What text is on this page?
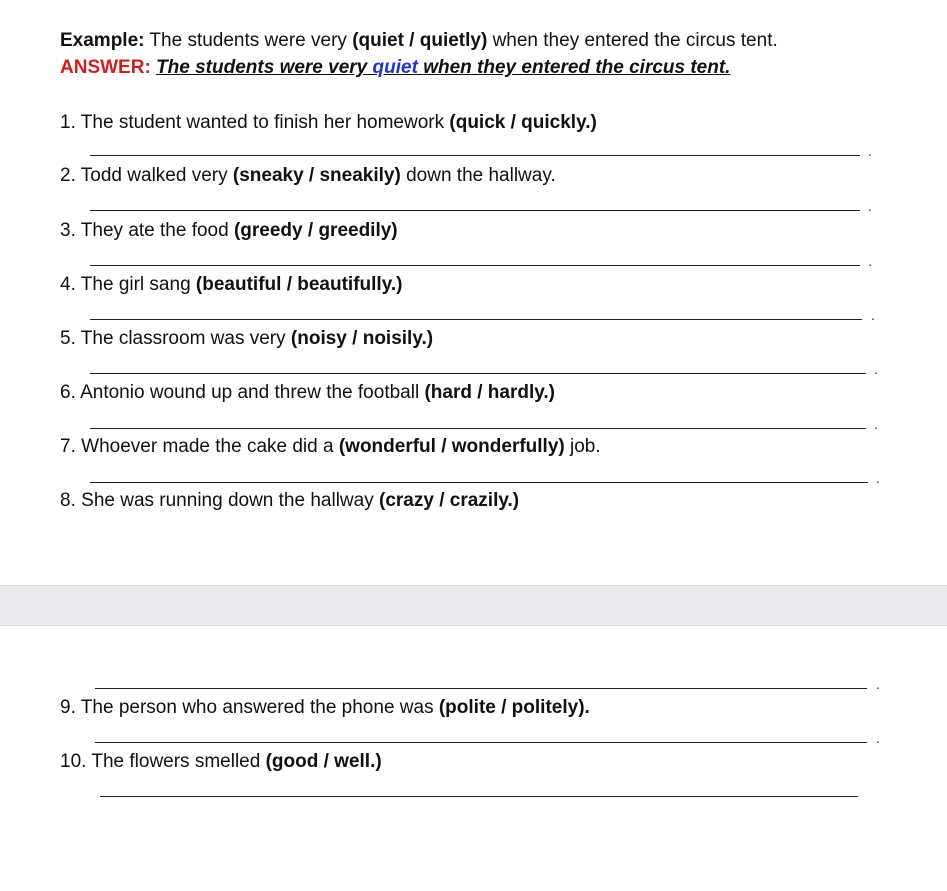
Example: The students were very (quiet / quietly) when they entered the circus tent.
ANSWER: The students were very quiet when they entered the circus tent.
1. The student wanted to finish her homework (quick / quickly.)
.
2. Todd walked very (sneaky / sneakily) down the hallway.
.
3. They ate the food (greedy / greedily)
.
4. The girl sang (beautiful / beautifully.)
.
5. The classroom was very (noisy / noisily.)
.
6. Antonio wound up and threw the football (hard / hardly.)
.
7. Whoever made the cake did a (wonderful / wonderfully) job.
.
8. She was running down the hallway (crazy / crazily.)
.
9. The person who answered the phone was (polite / politely).
.
10. The flowers smelled (good / well.)
